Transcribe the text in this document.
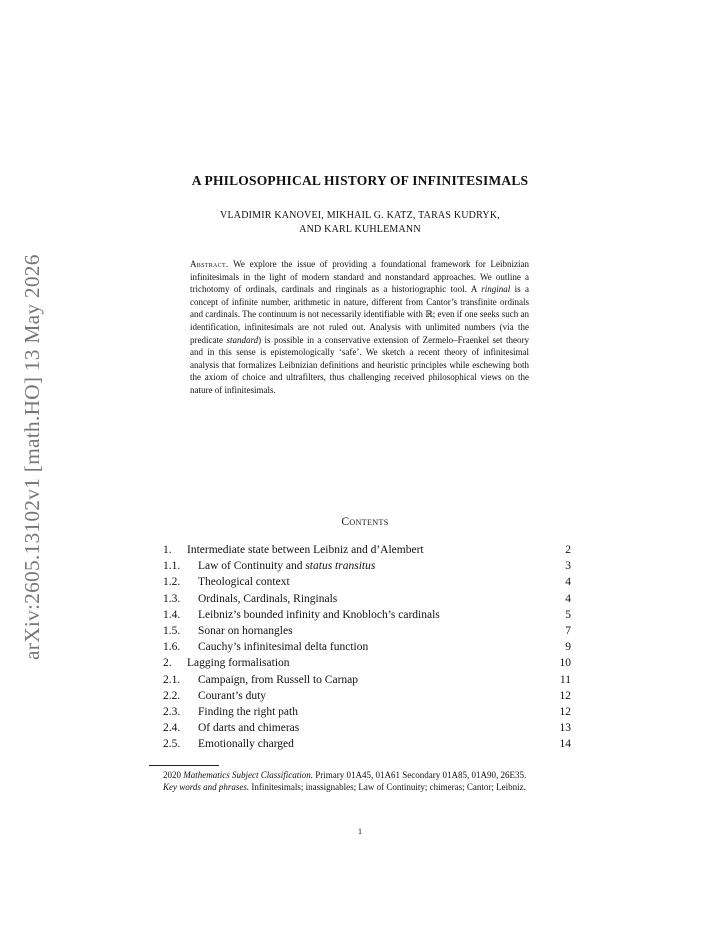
arXiv:2605.13102v1 [math.HO] 13 May 2026
A PHILOSOPHICAL HISTORY OF INFINITESIMALS
VLADIMIR KANOVEI, MIKHAIL G. KATZ, TARAS KUDRYK,
AND KARL KUHLEMANN
Abstract. We explore the issue of providing a foundational framework for Leibnizian infinitesimals in the light of modern standard and nonstandard approaches. We outline a trichotomy of ordinals, cardinals and ringinals as a historiographic tool. A ringinal is a concept of infinite number, arithmetic in nature, different from Cantor’s transfinite ordinals and cardinals. The continuum is not necessarily identifiable with ℝ; even if one seeks such an identification, infinitesimals are not ruled out. Analysis with unlimited numbers (via the predicate standard) is possible in a conservative extension of Zermelo–Fraenkel set theory and in this sense is epistemologically ‘safe’. We sketch a recent theory of infinitesimal analysis that formalizes Leibnizian definitions and heuristic principles while eschewing both the axiom of choice and ultrafilters, thus challenging received philosophical views on the nature of infinitesimals.
Contents
1.	Intermediate state between Leibniz and d’Alembert	2
1.1.	Law of Continuity and status transitus	3
1.2.	Theological context	4
1.3.	Ordinals, Cardinals, Ringinals	4
1.4.	Leibniz’s bounded infinity and Knobloch’s cardinals	5
1.5.	Sonar on hornangles	7
1.6.	Cauchy’s infinitesimal delta function	9
2.	Lagging formalisation	10
2.1.	Campaign, from Russell to Carnap	11
2.2.	Courant’s duty	12
2.3.	Finding the right path	12
2.4.	Of darts and chimeras	13
2.5.	Emotionally charged	14

2020 Mathematics Subject Classification. Primary 01A45, 01A61 Secondary 01A85, 01A90, 26E35.

Key words and phrases. Infinitesimals; inassignables; Law of Continuity; chimeras; Cantor; Leibniz.

1
